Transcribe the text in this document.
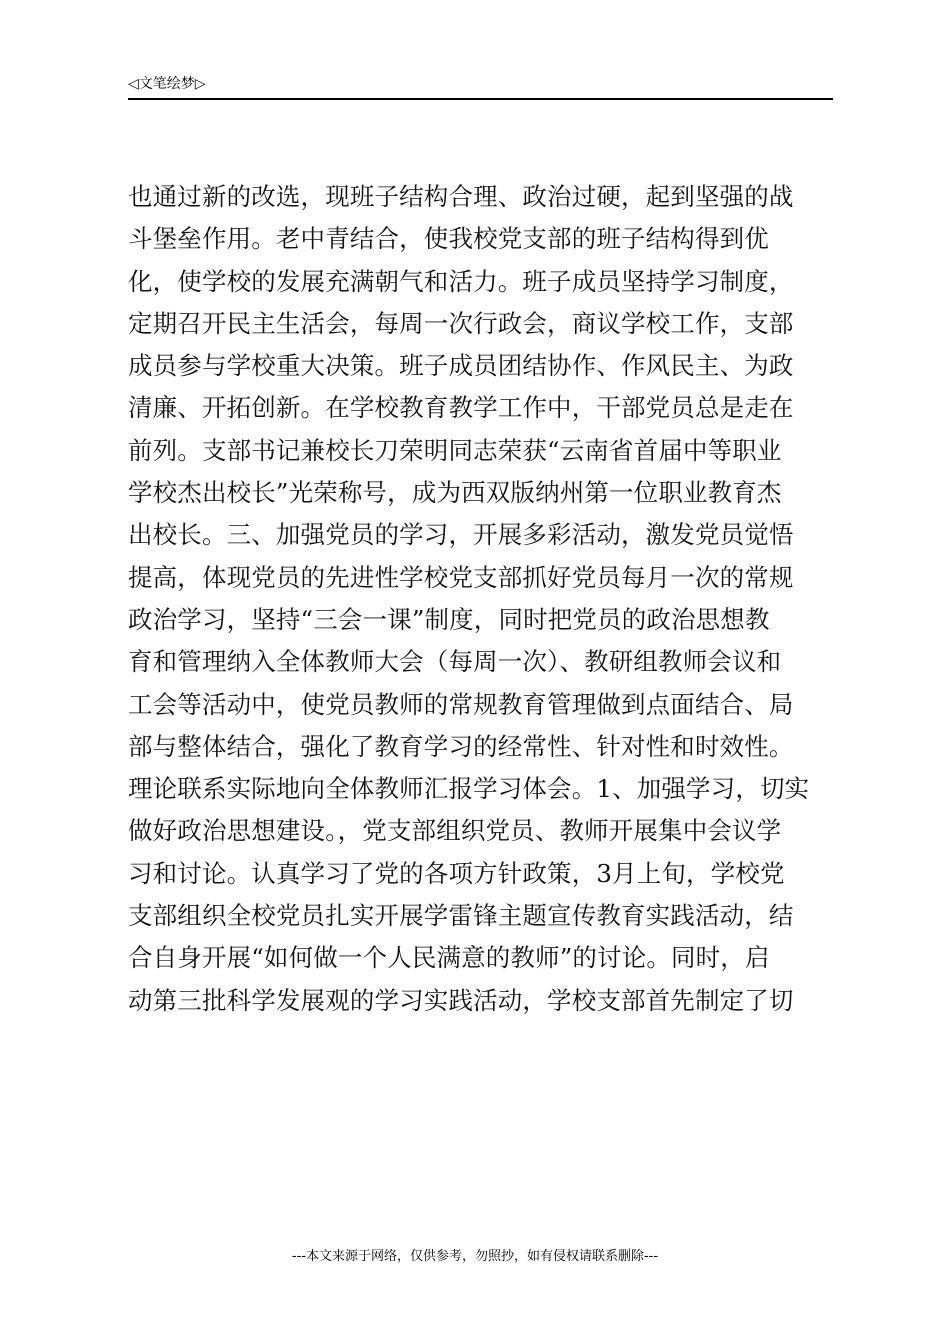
◁文笔绘梦▷
也通过新的改选，现班子结构合理、政治过硬，起到坚强的战
斗堡垒作用。老中青结合，使我校党支部的班子结构得到优
化，使学校的发展充满朝气和活力。班子成员坚持学习制度，
定期召开民主生活会，每周一次行政会，商议学校工作，支部
成员参与学校重大决策。班子成员团结协作、作风民主、为政
清廉、开拓创新。在学校教育教学工作中，干部党员总是走在
前列。支部书记兼校长刀荣明同志荣获“云南省首届中等职业
学校杰出校长”光荣称号，成为西双版纳州第一位职业教育杰
出校长。三、加强党员的学习，开展多彩活动，激发党员觉悟
提高，体现党员的先进性学校党支部抓好党员每月一次的常规
政治学习，坚持“三会一课”制度，同时把党员的政治思想教
育和管理纳入全体教师大会（每周一次）、教研组教师会议和
工会等活动中，使党员教师的常规教育管理做到点面结合、局
部与整体结合，强化了教育学习的经常性、针对性和时效性。
理论联系实际地向全体教师汇报学习体会。1、加强学习，切实
做好政治思想建设。，党支部组织党员、教师开展集中会议学
习和讨论。认真学习了党的各项方针政策，3月上旬，学校党
支部组织全校党员扎实开展学雷锋主题宣传教育实践活动，结
合自身开展“如何做一个人民满意的教师”的讨论。同时，启
动第三批科学发展观的学习实践活动，学校支部首先制定了切
---本文来源于网络，仅供参考，勿照抄，如有侵权请联系删除---
